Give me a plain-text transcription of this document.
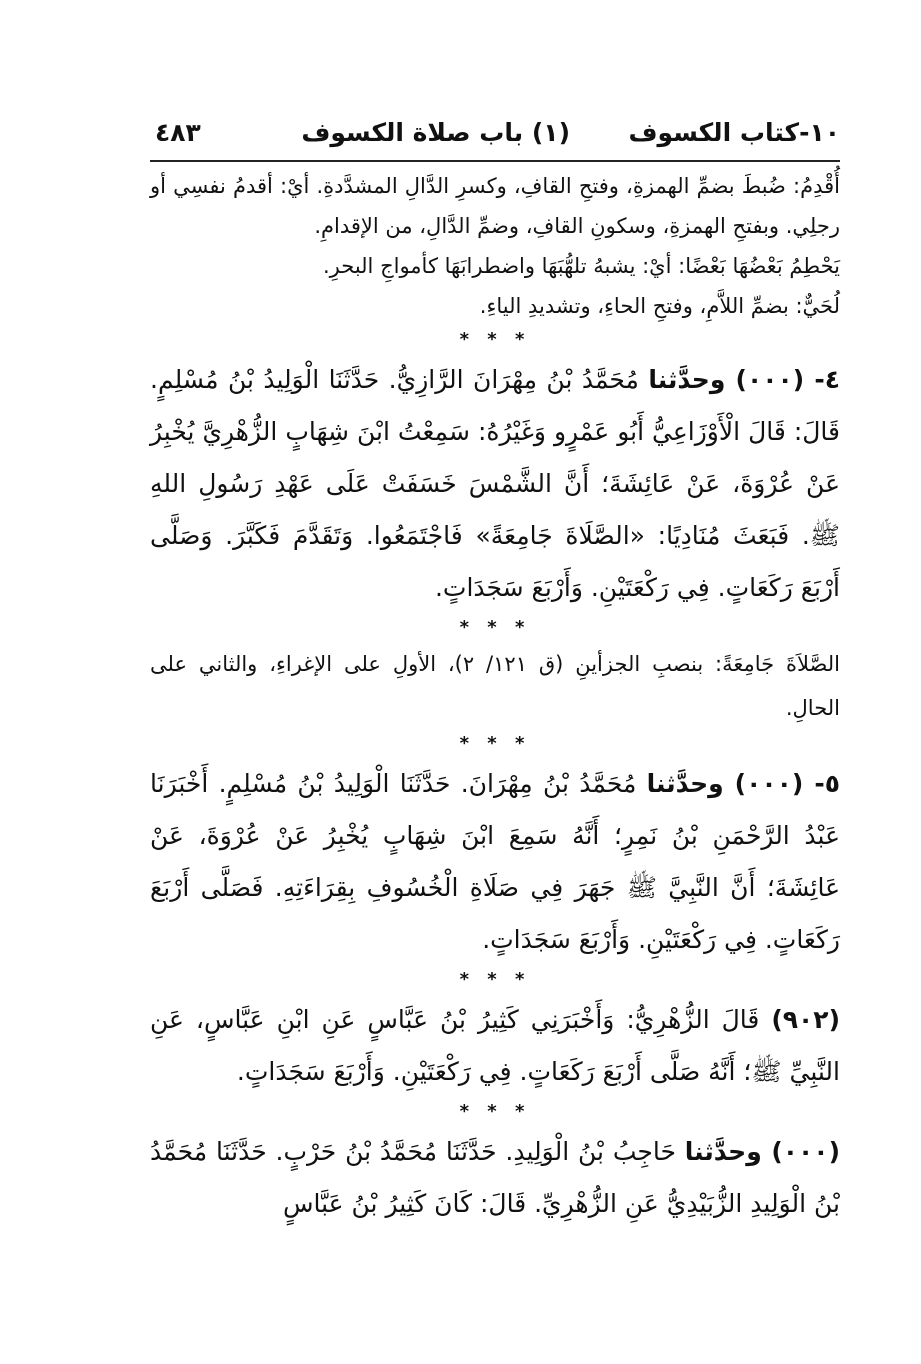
١٠-كتاب الكسوف
(١) باب صلاة الكسوف
٤٨٣

أُقْدِمُ: ضُبطَ بضمِّ الهمزةِ، وفتحِ القافِ، وكسرِ الدَّالِ المشدَّدةِ. أيْ: أقدمُ نفسِي أو رجلِي. وبفتحِ الهمزةِ، وسكونِ القافِ، وضمِّ الدَّالِ، من الإقدامِ.

يَحْطِمُ بَعْضُهَا بَعْضًا: أيْ: يشبهُ تلهُّبَهَا واضطرابَهَا كأمواجِ البحرِ.

لُحَيٌّ: بضمِّ اللاَّمِ، وفتحِ الحاءِ، وتشديدِ الياءِ.

* * *

٤- (٠٠٠) وحدَّثنا مُحَمَّدُ بْنُ مِهْرَانَ الرَّازِيُّ. حَدَّثَنَا الْوَلِيدُ بْنُ مُسْلِمٍ. قَالَ: قَالَ الْأَوْزَاعِيُّ أَبُو عَمْرٍو وَغَيْرُهُ: سَمِعْتُ ابْنَ شِهَابٍ الزُّهْرِيَّ يُخْبِرُ عَنْ عُرْوَةَ، عَنْ عَائِشَةَ؛ أَنَّ الشَّمْسَ خَسَفَتْ عَلَى عَهْدِ رَسُولِ اللهِ ﷺ. فَبَعَثَ مُنَادِيًا: «الصَّلَاةَ جَامِعَةً» فَاجْتَمَعُوا. وَتَقَدَّمَ فَكَبَّرَ. وَصَلَّى أَرْبَعَ رَكَعَاتٍ. فِي رَكْعَتَيْنِ. وَأَرْبَعَ سَجَدَاتٍ.

* * *

الصَّلاَةَ جَامِعَةً: بنصبِ الجزأينِ (ق ١٢١/ ٢)، الأولِ على الإغراءِ، والثاني على الحالِ.

* * *

٥- (٠٠٠) وحدَّثنا مُحَمَّدُ بْنُ مِهْرَانَ. حَدَّثَنَا الْوَلِيدُ بْنُ مُسْلِمٍ. أَخْبَرَنَا عَبْدُ الرَّحْمَنِ بْنُ نَمِرٍ؛ أَنَّهُ سَمِعَ ابْنَ شِهَابٍ يُخْبِرُ عَنْ عُرْوَةَ، عَنْ عَائِشَةَ؛ أَنَّ النَّبِيَّ ﷺ جَهَرَ فِي صَلَاةِ الْخُسُوفِ بِقِرَاءَتِهِ. فَصَلَّى أَرْبَعَ رَكَعَاتٍ. فِي رَكْعَتَيْنِ. وَأَرْبَعَ سَجَدَاتٍ.

* * *

(٩٠٢) قَالَ الزُّهْرِيُّ: وَأَخْبَرَنِي كَثِيرُ بْنُ عَبَّاسٍ عَنِ ابْنِ عَبَّاسٍ، عَنِ النَّبِيِّ ﷺ؛ أَنَّهُ صَلَّى أَرْبَعَ رَكَعَاتٍ. فِي رَكْعَتَيْنِ. وَأَرْبَعَ سَجَدَاتٍ.

* * *

(٠٠٠) وحدَّثنا حَاجِبُ بْنُ الْوَلِيدِ. حَدَّثَنَا مُحَمَّدُ بْنُ حَرْبٍ. حَدَّثَنَا مُحَمَّدُ بْنُ الْوَلِيدِ الزُّبَيْدِيُّ عَنِ الزُّهْرِيِّ. قَالَ: كَانَ كَثِيرُ بْنُ عَبَّاسٍ
